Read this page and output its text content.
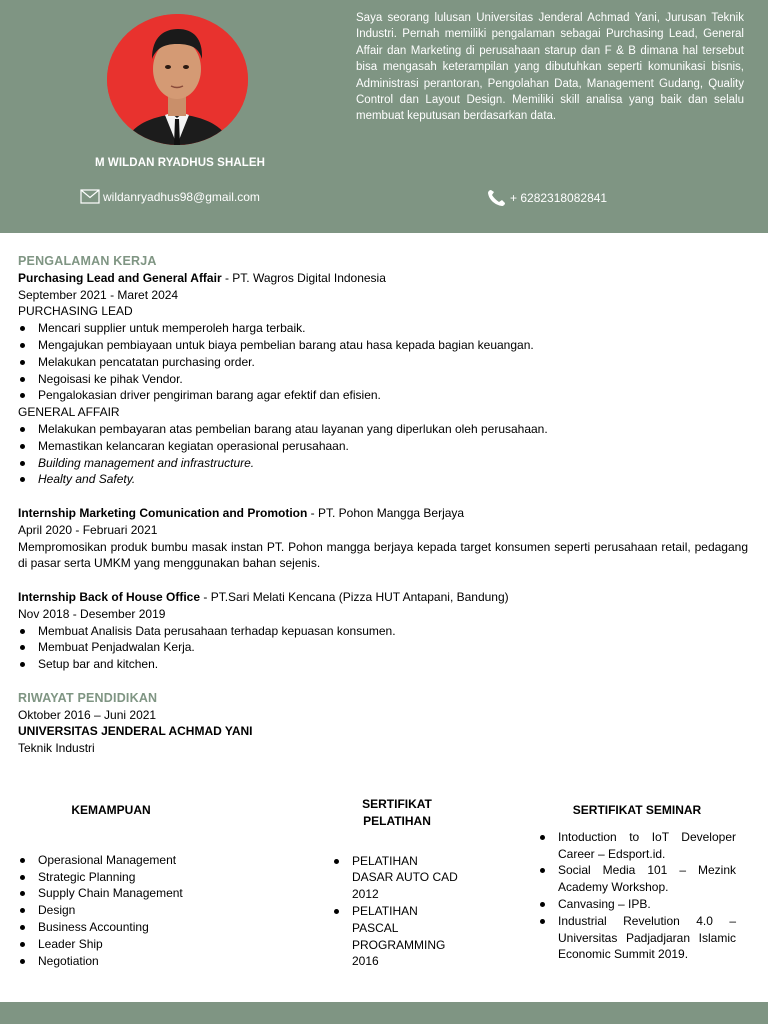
M WILDAN RYADHUS SHALEH
Saya seorang lulusan Universitas Jenderal Achmad Yani, Jurusan Teknik Industri. Pernah memiliki pengalaman sebagai Purchasing Lead, General Affair dan Marketing di perusahaan starup dan F & B dimana hal tersebut bisa mengasah keterampilan yang dibutuhkan seperti komunikasi bisnis, Administrasi perantoran, Pengolahan Data, Management Gudang, Quality Control dan Layout Design. Memiliki skill analisa yang baik dan selalu membuat keputusan berdasarkan data.
wildanryadhus98@gmail.com	+ 6282318082841
PENGALAMAN KERJA
Purchasing Lead and General Affair - PT. Wagros Digital Indonesia
September 2021 - Maret 2024
PURCHASING LEAD
Mencari supplier untuk memperoleh harga terbaik.
Mengajukan pembiayaan untuk biaya pembelian barang atau hasa kepada bagian keuangan.
Melakukan pencatatan purchasing order.
Negoisasi ke pihak Vendor.
Pengalokasian driver pengiriman barang agar efektif dan efisien.
GENERAL AFFAIR
Melakukan pembayaran atas pembelian barang atau layanan yang diperlukan oleh perusahaan.
Memastikan kelancaran kegiatan operasional perusahaan.
Building management and infrastructure.
Healty and Safety.
Internship Marketing Comunication and Promotion - PT. Pohon Mangga Berjaya
April 2020 - Februari 2021
Mempromosikan produk bumbu masak instan PT. Pohon mangga berjaya kepada target konsumen seperti perusahaan retail, pedagang di pasar serta UMKM yang menggunakan bahan sejenis.
Internship Back of House Office - PT.Sari Melati Kencana (Pizza HUT Antapani, Bandung)
Nov 2018 - Desember 2019
Membuat Analisis Data perusahaan terhadap kepuasan konsumen.
Membuat Penjadwalan Kerja.
Setup bar and kitchen.
RIWAYAT PENDIDIKAN
Oktober 2016 – Juni 2021
UNIVERSITAS JENDERAL ACHMAD YANI
Teknik Industri
KEMAMPUAN
Operasional Management
Strategic Planning
Supply Chain Management
Design
Business Accounting
Leader Ship
Negotiation
SERTIFIKAT PELATIHAN
PELATIHAN DASAR AUTO CAD 2012
PELATIHAN PASCAL PROGRAMMING 2016
SERTIFIKAT SEMINAR
Intoduction to IoT Developer Career – Edsport.id.
Social Media 101 – Mezink Academy Workshop.
Canvasing – IPB.
Industrial Revelution 4.0 – Universitas Padjadjaran Islamic Economic Summit 2019.
